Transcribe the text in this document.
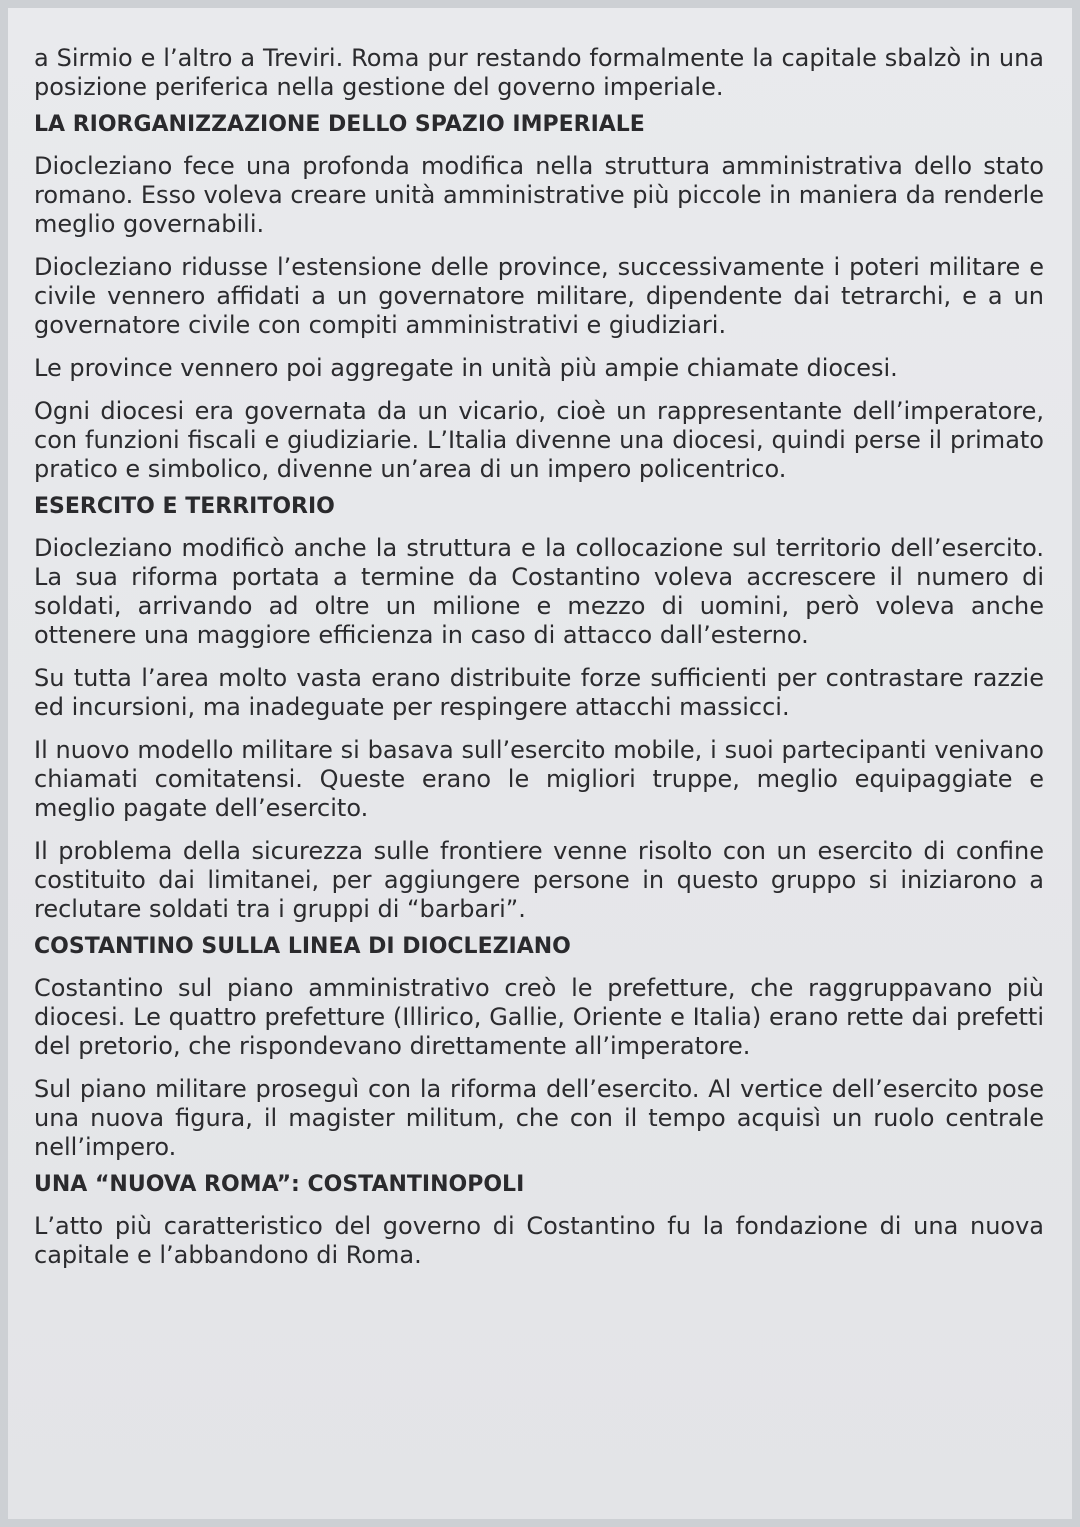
a Sirmio e l’altro a Treviri. Roma pur restando formalmente la capitale sbalzò in una posizione periferica nella gestione del governo imperiale.

LA RIORGANIZZAZIONE DELLO SPAZIO IMPERIALE

Diocleziano fece una profonda modifica nella struttura amministrativa dello stato romano. Esso voleva creare unità amministrative più piccole in maniera da renderle meglio governabili.

Diocleziano ridusse l’estensione delle province, successivamente i poteri militare e civile vennero affidati a un governatore militare, dipendente dai tetrarchi, e a un governatore civile con compiti amministrativi e giudiziari.

Le province vennero poi aggregate in unità più ampie chiamate diocesi.

Ogni diocesi era governata da un vicario, cioè un rappresentante dell’imperatore, con funzioni fiscali e giudiziarie. L’Italia divenne una diocesi, quindi perse il primato pratico e simbolico, divenne un’area di un impero policentrico.

ESERCITO E TERRITORIO

Diocleziano modificò anche la struttura e la collocazione sul territorio dell’esercito. La sua riforma portata a termine da Costantino voleva accrescere il numero di soldati, arrivando ad oltre un milione e mezzo di uomini, però voleva anche ottenere una maggiore efficienza in caso di attacco dall’esterno.

Su tutta l’area molto vasta erano distribuite forze sufficienti per contrastare razzie ed incursioni, ma inadeguate per respingere attacchi massicci.

Il nuovo modello militare si basava sull’esercito mobile, i suoi partecipanti venivano chiamati comitatensi. Queste erano le migliori truppe, meglio equipaggiate e meglio pagate dell’esercito.

Il problema della sicurezza sulle frontiere venne risolto con un esercito di confine costituito dai limitanei, per aggiungere persone in questo gruppo si iniziarono a reclutare soldati tra i gruppi di “barbari”.

COSTANTINO SULLA LINEA DI DIOCLEZIANO

Costantino sul piano amministrativo creò le prefetture, che raggruppavano più diocesi. Le quattro prefetture (Illirico, Gallie, Oriente e Italia) erano rette dai prefetti del pretorio, che rispondevano direttamente all’imperatore.

Sul piano militare proseguì con la riforma dell’esercito. Al vertice dell’esercito pose una nuova figura, il magister militum, che con il tempo acquisì un ruolo centrale nell’impero.

UNA “NUOVA ROMA”: COSTANTINOPOLI

L’atto più caratteristico del governo di Costantino fu la fondazione di una nuova capitale e l’abbandono di Roma.
